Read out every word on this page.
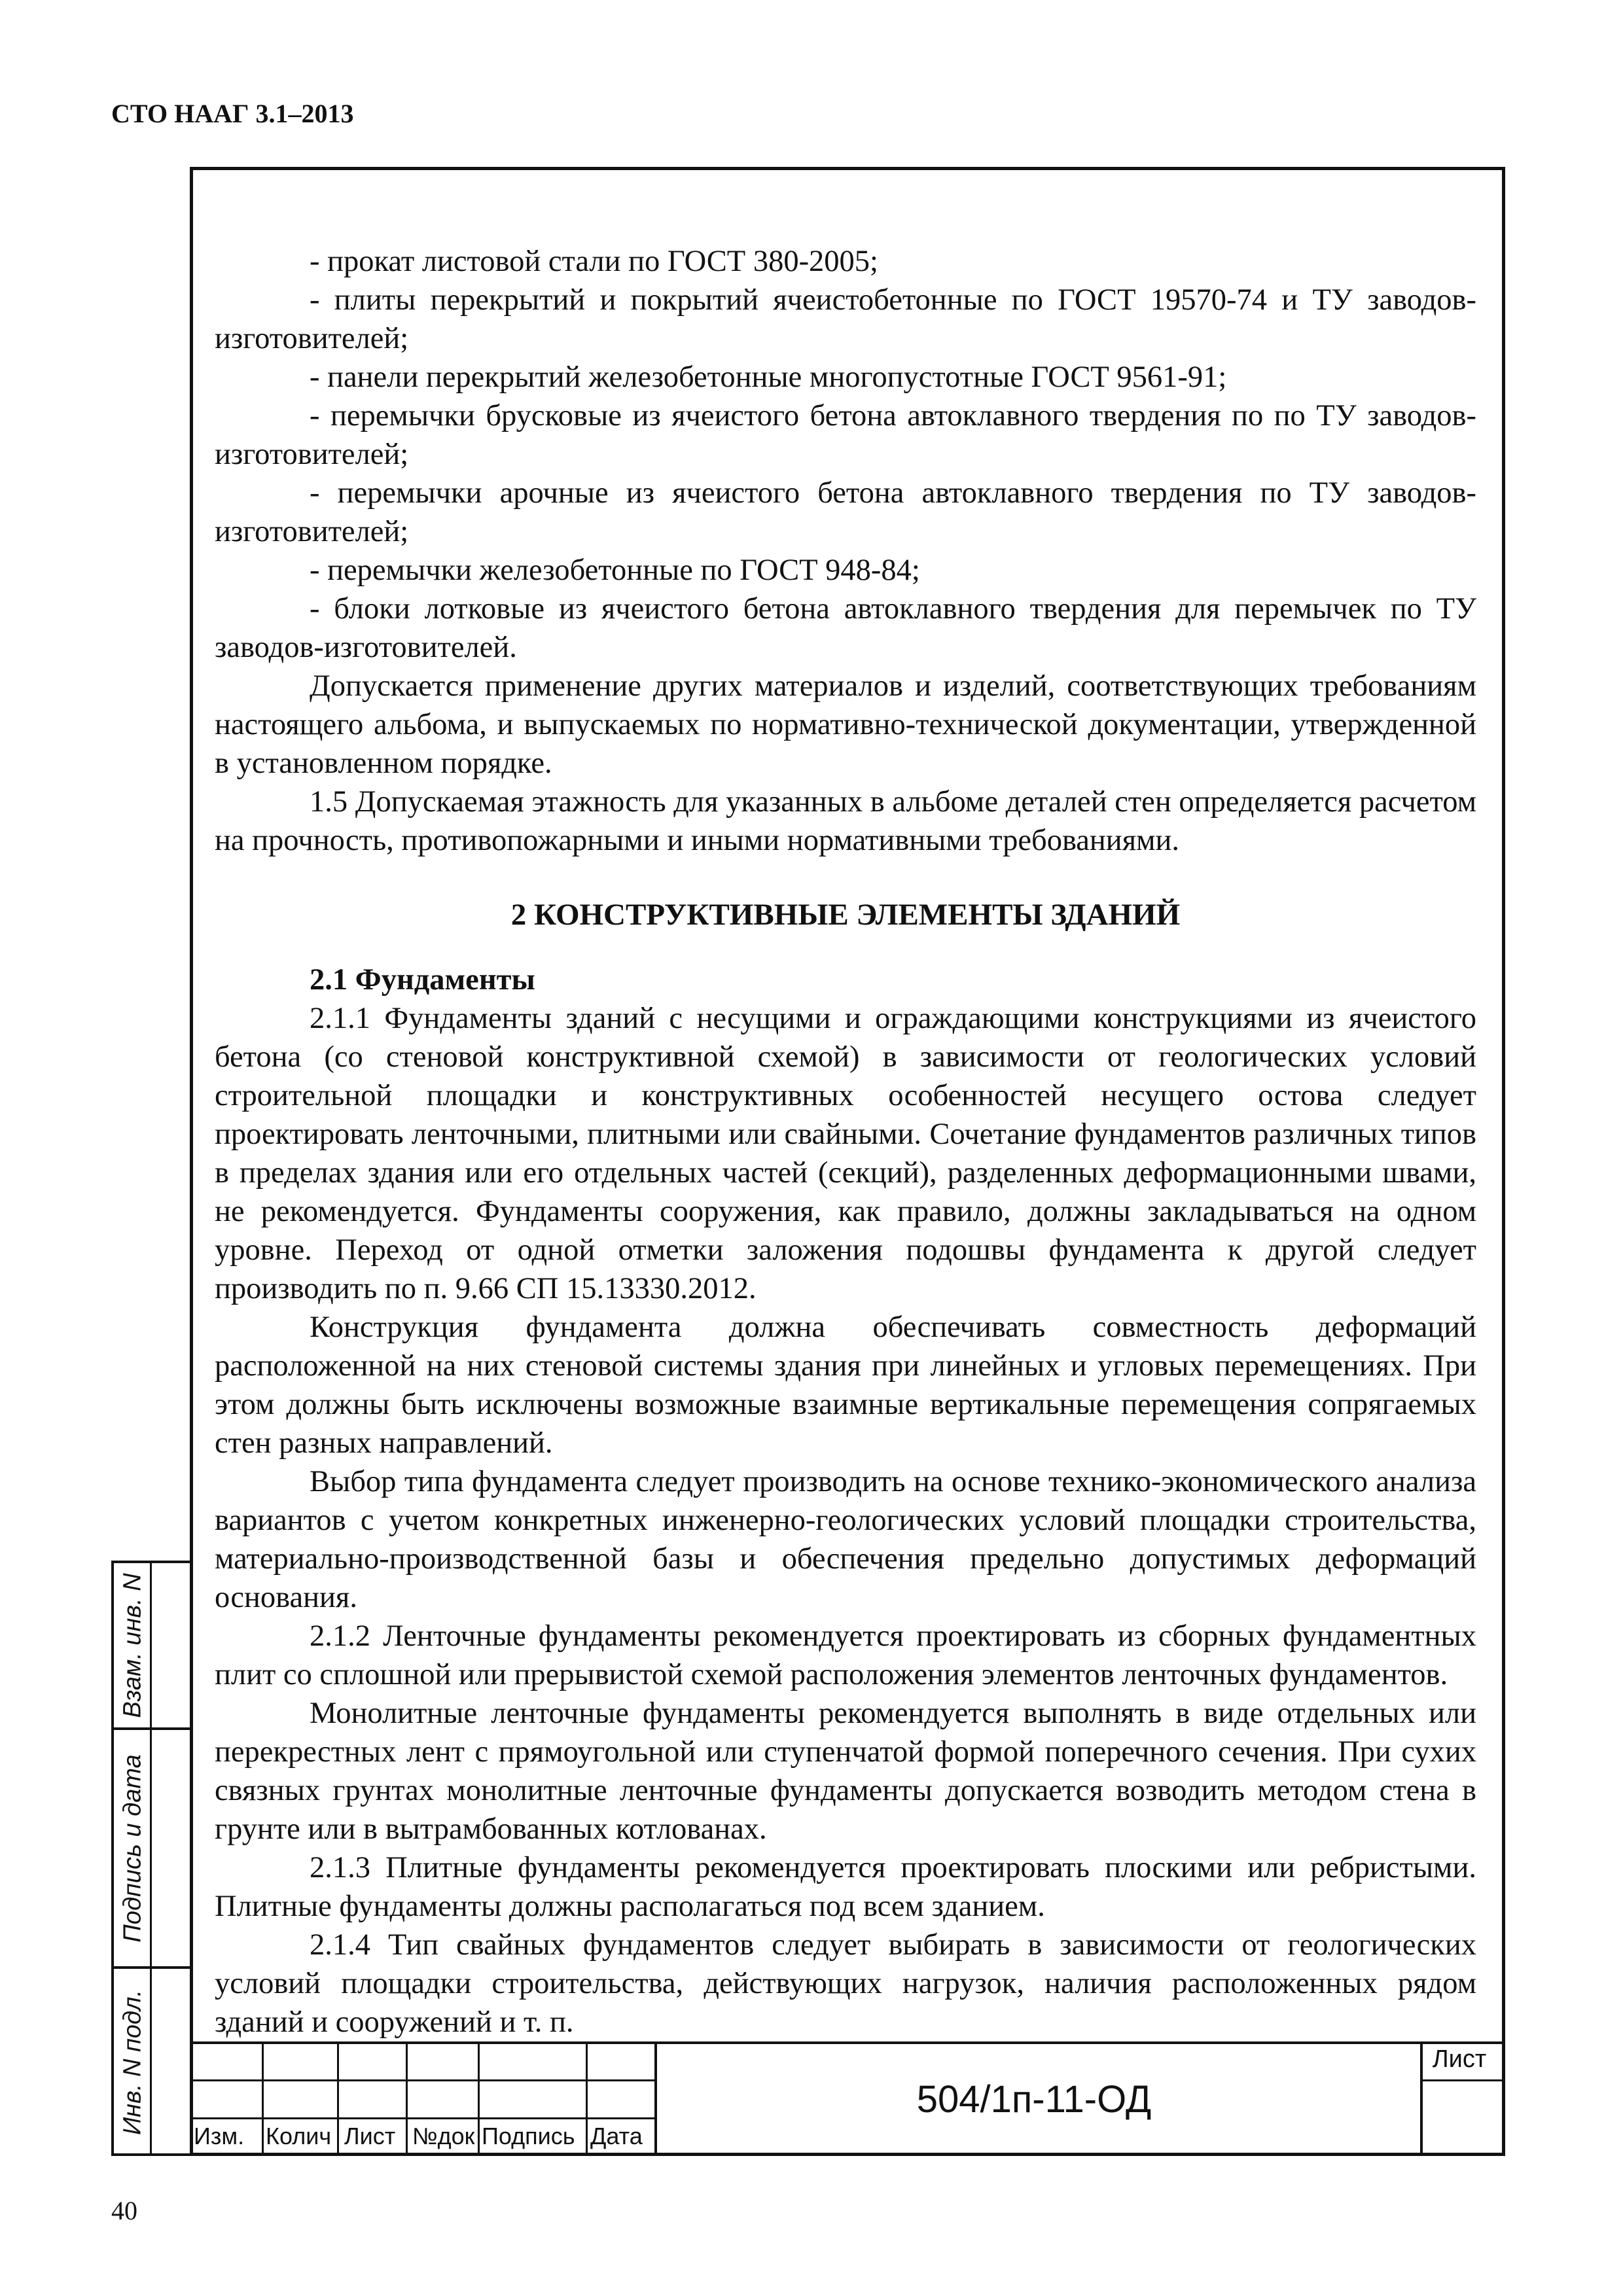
СТО НААГ 3.1–2013

- прокат листовой стали по ГОСТ 380-2005;

- плиты перекрытий и покрытий ячеистобетонные по ГОСТ 19570-74 и ТУ заводов-изготовителей;

- панели перекрытий железобетонные многопустотные ГОСТ 9561-91;

- перемычки брусковые из ячеистого бетона автоклавного твердения по по ТУ заводов-изготовителей;

- перемычки арочные из ячеистого бетона автоклавного твердения по ТУ заводов-изготовителей;

- перемычки железобетонные по ГОСТ 948-84;

- блоки лотковые из ячеистого бетона автоклавного твердения для перемычек по ТУ заводов-изготовителей.

Допускается применение других материалов и изделий, соответствующих требованиям настоящего альбома, и выпускаемых по нормативно-технической документации, утвержденной в установленном порядке.

1.5 Допускаемая этажность для указанных в альбоме деталей стен определяется расчетом на прочность, противопожарными и иными нормативными требованиями.

2 КОНСТРУКТИВНЫЕ ЭЛЕМЕНТЫ ЗДАНИЙ

2.1 Фундаменты

2.1.1 Фундаменты зданий с несущими и ограждающими конструкциями из ячеистого бетона (со стеновой конструктивной схемой) в зависимости от геологических условий строительной площадки и конструктивных особенностей несущего остова следует проектировать ленточными, плитными или свайными. Сочетание фундаментов различных типов в пределах здания или его отдельных частей (секций), разделенных деформационными швами, не рекомендуется. Фундаменты сооружения, как правило, должны закладываться на одном уровне. Переход от одной отметки заложения подошвы фундамента к другой следует производить по п. 9.66 СП 15.13330.2012.

Конструкция фундамента должна обеспечивать совместность деформаций расположенной на них стеновой системы здания при линейных и угловых перемещениях. При этом должны быть исключены возможные взаимные вертикальные перемещения сопрягаемых стен разных направлений.

Выбор типа фундамента следует производить на основе технико-экономического анализа вариантов с учетом конкретных инженерно-геологических условий площадки строительства, материально-производственной базы и обеспечения предельно допустимых деформаций основания.

2.1.2 Ленточные фундаменты рекомендуется проектировать из сборных фундаментных плит со сплошной или прерывистой схемой расположения элементов ленточных фундаментов.

Монолитные ленточные фундаменты рекомендуется выполнять в виде отдельных или перекрестных лент с прямоугольной или ступенчатой формой поперечного сечения. При сухих связных грунтах монолитные ленточные фундаменты допускается возводить методом стена в грунте или в вытрамбованных котлованах.

2.1.3 Плитные фундаменты рекомендуется проектировать плоскими или ребристыми. Плитные фундаменты должны располагаться под всем зданием.

2.1.4 Тип свайных фундаментов следует выбирать в зависимости от геологических условий площадки строительства, действующих нагрузок, наличия расположенных рядом зданий и сооружений и т. п.

Взам. инв. N
Подпись и дата
Инв. N подл.
Изм. Колич Лист №док Подпись Дата
504/1п-11-ОД
Лист
40
